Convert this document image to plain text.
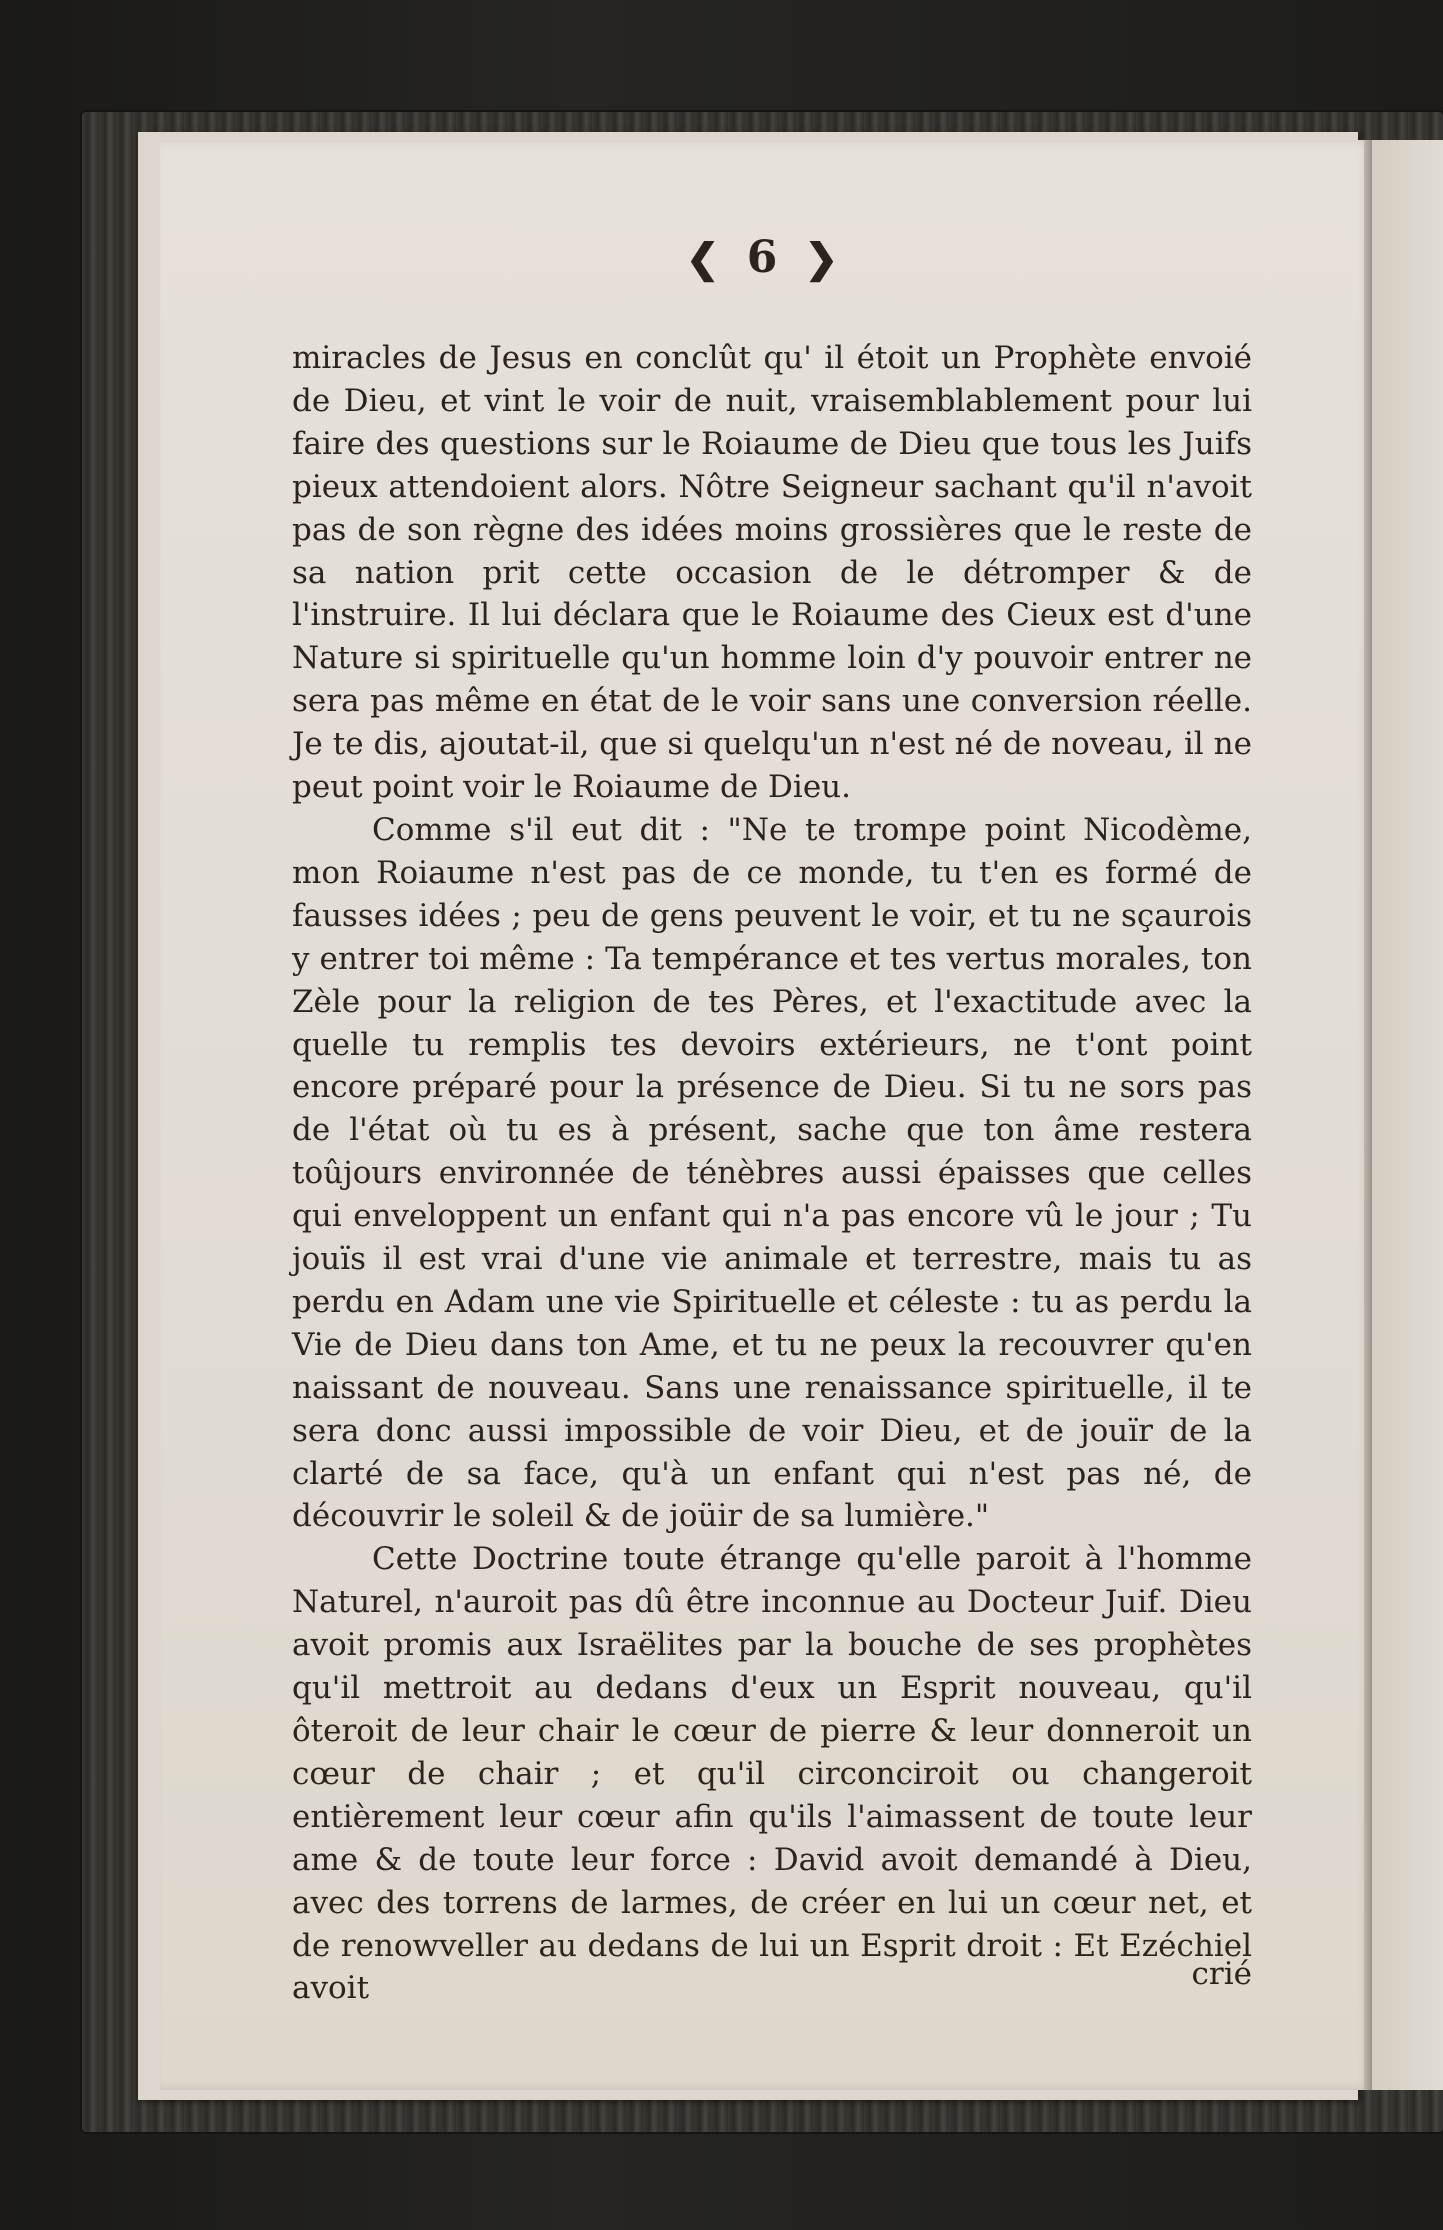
❮ 6 ❯

miracles de Jesus en conclût qu' il étoit un Prophète envoié de Dieu, et vint le voir de nuit, vraisemblablement pour lui faire des questions sur le Roiaume de Dieu que tous les Juifs pieux attendoient alors. Nôtre Seigneur sachant qu'il n'avoit pas de son règne des idées moins grossières que le reste de sa nation prit cette occasion de le détromper & de l'instruire. Il lui déclara que le Roiaume des Cieux est d'une Nature si spirituelle qu'un homme loin d'y pouvoir entrer ne sera pas même en état de le voir sans une conversion réelle. Je te dis, ajoutat-il, que si quelqu'un n'est né de noveau, il ne peut point voir le Roiaume de Dieu.

Comme s'il eut dit : "Ne te trompe point Nicodème, mon Roiaume n'est pas de ce monde, tu t'en es formé de fausses idées ; peu de gens peuvent le voir, et tu ne sçaurois y entrer toi même : Ta tempérance et tes vertus morales, ton Zèle pour la religion de tes Pères, et l'exactitude avec la quelle tu remplis tes devoirs extérieurs, ne t'ont point encore préparé pour la présence de Dieu. Si tu ne sors pas de l'état où tu es à présent, sache que ton âme restera toûjours environnée de ténèbres aussi épaisses que celles qui enveloppent un enfant qui n'a pas encore vû le jour ; Tu jouïs il est vrai d'une vie animale et terrestre, mais tu as perdu en Adam une vie Spirituelle et céleste : tu as perdu la Vie de Dieu dans ton Ame, et tu ne peux la recouvrer qu'en naissant de nouveau. Sans une renaissance spirituelle, il te sera donc aussi impossible de voir Dieu, et de jouïr de la clarté de sa face, qu'à un enfant qui n'est pas né, de découvrir le soleil & de joüir de sa lumière."

Cette Doctrine toute étrange qu'elle paroit à l'homme Naturel, n'auroit pas dû être inconnue au Docteur Juif. Dieu avoit promis aux Israëlites par la bouche de ses prophètes qu'il mettroit au dedans d'eux un Esprit nouveau, qu'il ôteroit de leur chair le cœur de pierre & leur donneroit un cœur de chair ; et qu'il circonciroit ou changeroit entièrement leur cœur afin qu'ils l'aimassent de toute leur ame & de toute leur force : David avoit demandé à Dieu, avec des torrens de larmes, de créer en lui un cœur net, et de renowveller au dedans de lui un Esprit droit : Et Ezéchiel avoit	crié
